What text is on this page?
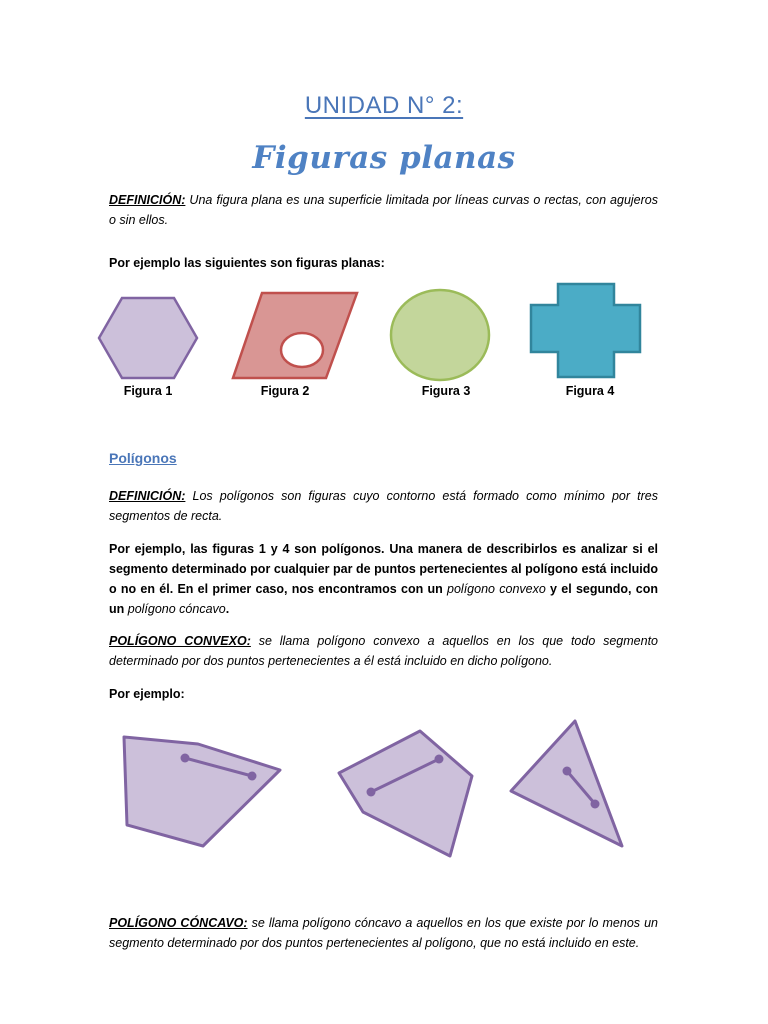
UNIDAD N° 2:
Figuras planas

DEFINICIÓN: Una figura plana es una superficie limitada por líneas curvas o rectas, con agujeros o sin ellos.

Por ejemplo las siguientes son figuras planas:

Figura 1	Figura 2	Figura 3	Figura 4
Polígonos

DEFINICIÓN: Los polígonos son figuras cuyo contorno está formado como mínimo por tres segmentos de recta.

Por ejemplo, las figuras 1 y 4 son polígonos. Una manera de describirlos es analizar si el segmento determinado por cualquier par de puntos pertenecientes al polígono está incluido o no en él. En el primer caso, nos encontramos con un polígono convexo y el segundo, con un polígono cóncavo.

POLÍGONO CONVEXO: se llama polígono convexo a aquellos en los que todo segmento determinado por dos puntos pertenecientes a él está incluido en dicho polígono.

Por ejemplo:

POLÍGONO CÓNCAVO: se llama polígono cóncavo a aquellos en los que existe por lo menos un segmento determinado por dos puntos pertenecientes al polígono, que no está incluido en este.
